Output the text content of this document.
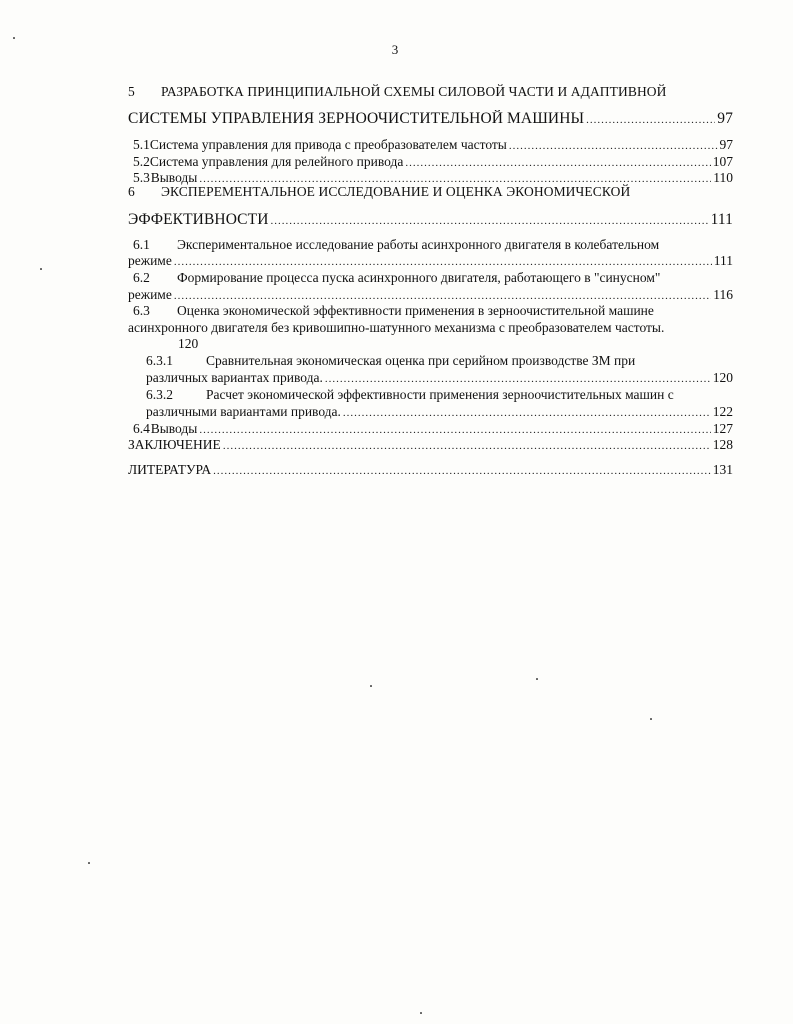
3
5 РАЗРАБОТКА ПРИНЦИПИАЛЬНОЙ СХЕМЫ СИЛОВОЙ ЧАСТИ И АДАПТИВНОЙ
СИСТЕМЫ УПРАВЛЕНИЯ ЗЕРНООЧИСТИТЕЛЬНОЙ МАШИНЫ .....	97
5.1 Система управления для привода с преобразователем частоты .....	97
5.2 Система управления для релейного привода .....	107
5.3 Выводы .....	110
6 ЭКСПЕРЕМЕНТАЛЬНОЕ ИССЛЕДОВАНИЕ И ОЦЕНКА ЭКОНОМИЧЕСКОЙ
ЭФФЕКТИВНОСТИ .....	111
6.1 Экспериментальное исследование работы асинхронного двигателя в колебательном
режиме .....	111
6.2 Формирование процесса пуска асинхронного двигателя, работающего в "синусном"
режиме .....	116
6.3 Оценка экономической эффективности применения в зерноочистительной машине
асинхронного двигателя без кривошипно-шатунного механизма с преобразователем частоты.
120
6.3.1 Сравнительная экономическая оценка при серийном производстве ЗМ при
различных вариантах привода. .....	120
6.3.2 Расчет экономической эффективности применения зерноочистительных машин с
различными вариантами привода. .....	122
6.4 Выводы .....	127
ЗАКЛЮЧЕНИЕ .....	128
ЛИТЕРАТУРА .....	131
